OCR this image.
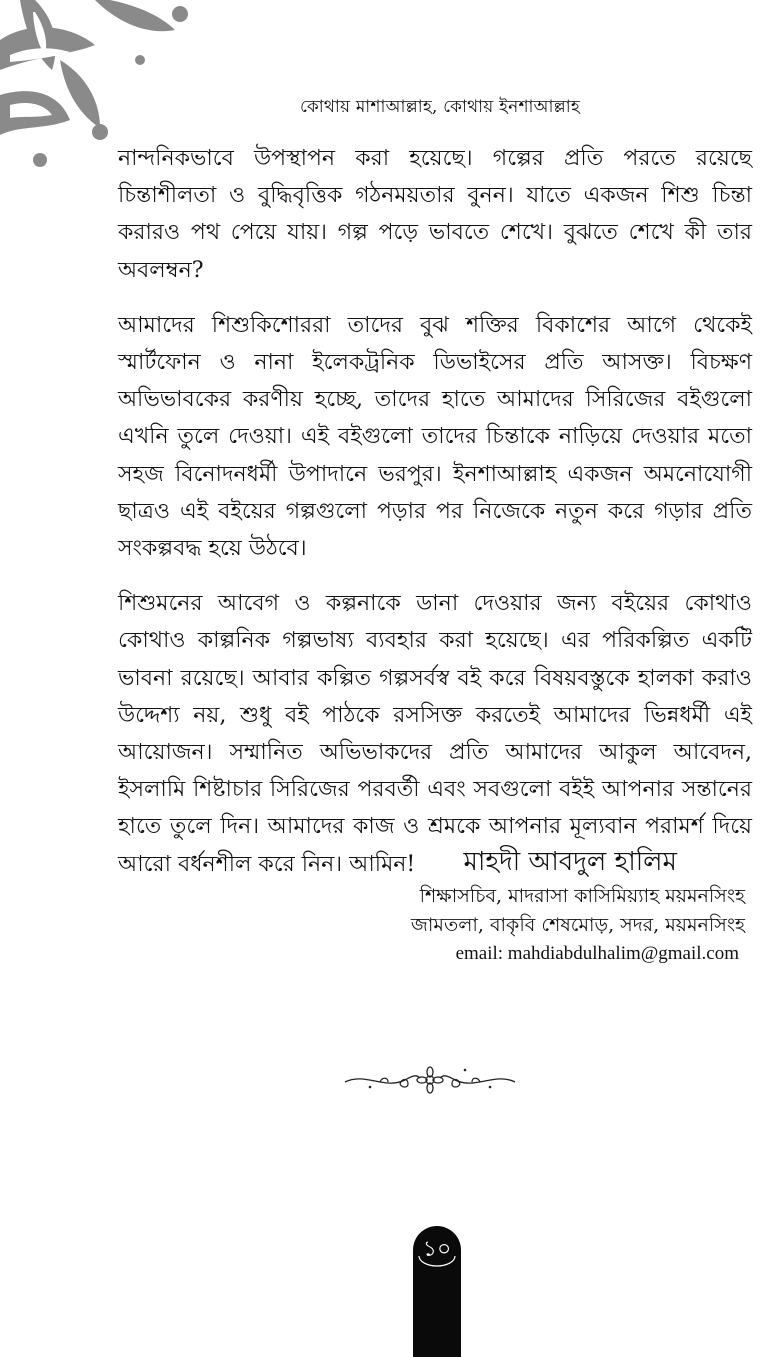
কোথায় মাশাআল্লাহ, কোথায় ইনশাআল্লাহ

নান্দনিকভাবে উপস্থাপন করা হয়েছে। গল্পের প্রতি পরতে রয়েছে চিন্তাশীলতা ও বুদ্ধিবৃত্তিক গঠনময়তার বুনন। যাতে একজন শিশু চিন্তা করারও পথ পেয়ে যায়। গল্প পড়ে ভাবতে শেখে। বুঝতে শেখে কী তার অবলম্বন?

আমাদের শিশুকিশোররা তাদের বুঝ শক্তির বিকাশের আগে থেকেই স্মার্টফোন ও নানা ইলেকট্রনিক ডিভাইসের প্রতি আসক্ত। বিচক্ষণ অভিভাবকের করণীয় হচ্ছে, তাদের হাতে আমাদের সিরিজের বইগুলো এখনি তুলে দেওয়া। এই বইগুলো তাদের চিন্তাকে নাড়িয়ে দেওয়ার মতো সহজ বিনোদনধর্মী উপাদানে ভরপুর। ইনশাআল্লাহ একজন অমনোযোগী ছাত্রও এই বইয়ের গল্পগুলো পড়ার পর নিজেকে নতুন করে গড়ার প্রতি সংকল্পবদ্ধ হয়ে উঠবে।

শিশুমনের আবেগ ও কল্পনাকে ডানা দেওয়ার জন্য বইয়ের কোথাও কোথাও কাল্পনিক গল্পভাষ্য ব্যবহার করা হয়েছে। এর পরিকল্পিত একটি ভাবনা রয়েছে। আবার কল্পিত গল্পসর্বস্ব বই করে বিষয়বস্তুকে হালকা করাও উদ্দেশ্য নয়, শুধু বই পাঠকে রসসিক্ত করতেই আমাদের ভিন্নধর্মী এই আয়োজন। সম্মানিত অভিভাকদের প্রতি আমাদের আকুল আবেদন, ইসলামি শিষ্টাচার সিরিজের পরবর্তী এবং সবগুলো বইই আপনার সন্তানের হাতে তুলে দিন। আমাদের কাজ ও শ্রমকে আপনার মূল্যবান পরামর্শ দিয়ে আরো বর্ধনশীল করে নিন। আমিন!	মাহদী আবদুল হালিম
শিক্ষাসচিব, মাদরাসা কাসিমিয়্যাহ ময়মনসিংহ
জামতলা, বাকৃবি শেষমোড়, সদর, ময়মনসিংহ
email: mahdiabdulhalim@gmail.com
১০
